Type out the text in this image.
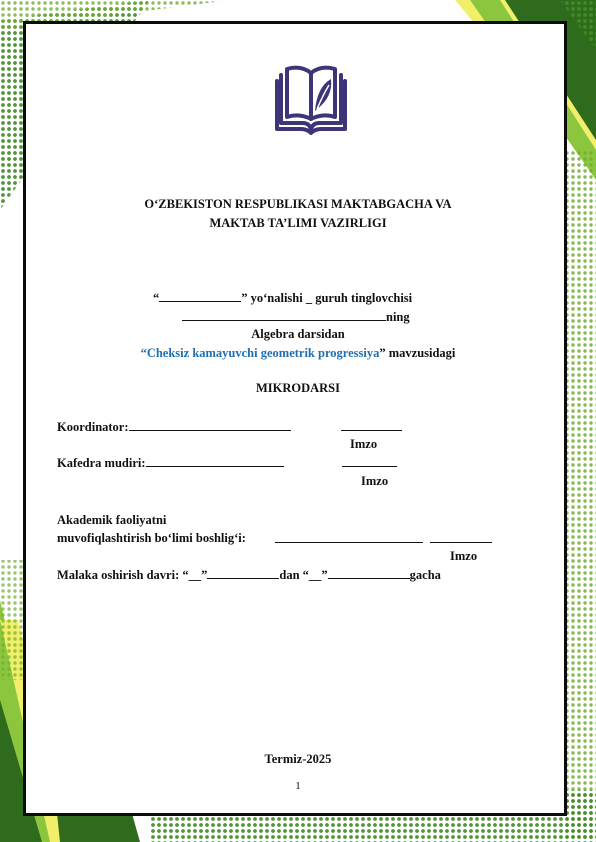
O‘ZBEKISTON RESPUBLIKASI MAKTABGACHA VA
MAKTAB TA’LIMI VAZIRLIGI
“	” yo‘nalishi _ guruh tinglovchisi
ning
Algebra darsidan
“Cheksiz kamayuvchi geometrik progressiya” mavzusidagi
MIKRODARSI
Koordinator:
Imzo
Kafedra mudiri:
Imzo
Akademik faoliyatni
muvofiqlashtirish bo‘limi boshlig‘i:
Imzo
Malaka oshirish davri: “__”	dan “__”	gacha
Termiz-2025
1
